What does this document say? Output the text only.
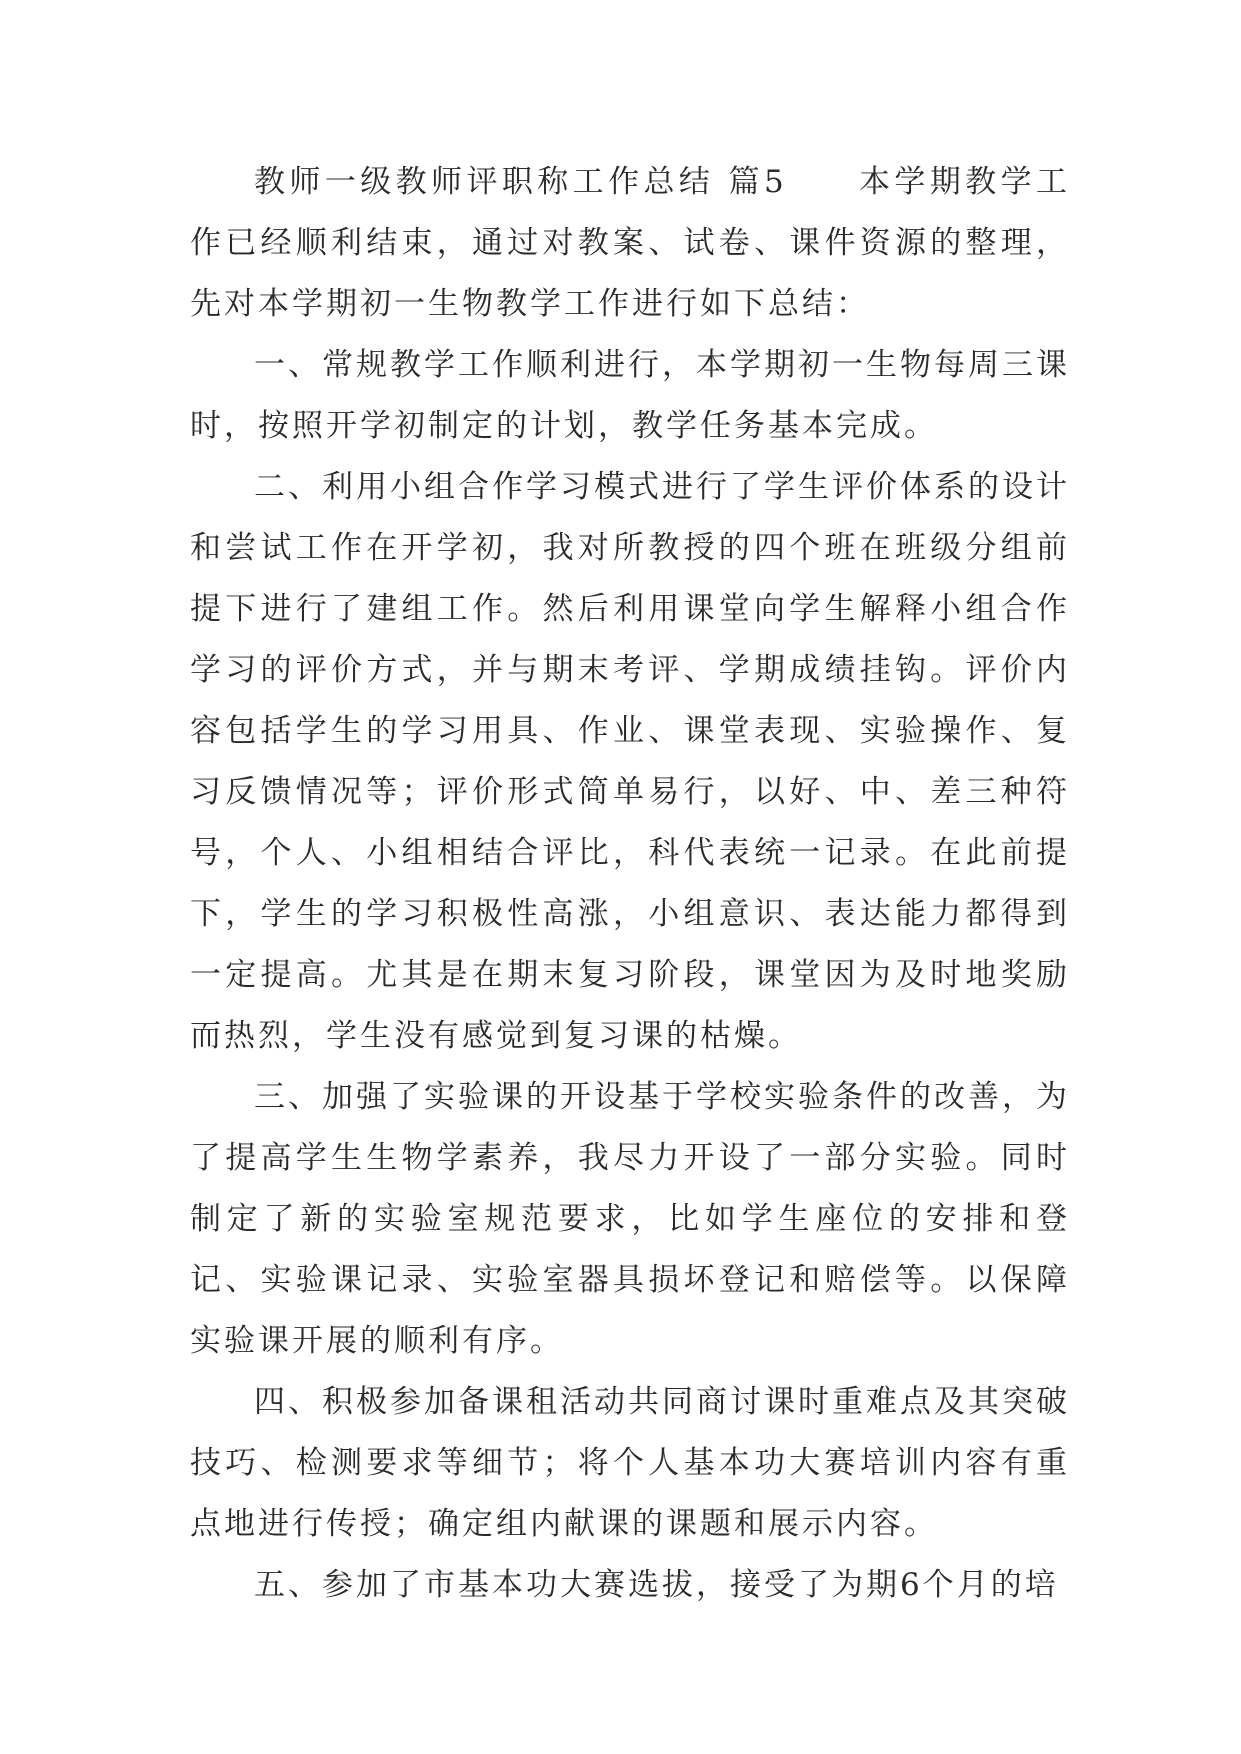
教师一级教师评职称工作总结 篇5　　本学期教学工作已经顺利结束，通过对教案、试卷、课件资源的整理，先对本学期初一生物教学工作进行如下总结：

一、常规教学工作顺利进行，本学期初一生物每周三课时，按照开学初制定的计划，教学任务基本完成。

二、利用小组合作学习模式进行了学生评价体系的设计和尝试工作在开学初，我对所教授的四个班在班级分组前提下进行了建组工作。然后利用课堂向学生解释小组合作学习的评价方式，并与期末考评、学期成绩挂钩。评价内容包括学生的学习用具、作业、课堂表现、实验操作、复习反馈情况等；评价形式简单易行，以好、中、差三种符号，个人、小组相结合评比，科代表统一记录。在此前提下，学生的学习积极性高涨，小组意识、表达能力都得到一定提高。尤其是在期末复习阶段，课堂因为及时地奖励而热烈，学生没有感觉到复习课的枯燥。

三、加强了实验课的开设基于学校实验条件的改善，为了提高学生生物学素养，我尽力开设了一部分实验。同时制定了新的实验室规范要求，比如学生座位的安排和登记、实验课记录、实验室器具损坏登记和赔偿等。以保障实验课开展的顺利有序。

四、积极参加备课租活动共同商讨课时重难点及其突破技巧、检测要求等细节；将个人基本功大赛培训内容有重点地进行传授；确定组内献课的课题和展示内容。

五、参加了市基本功大赛选拔，接受了为期6个月的培
